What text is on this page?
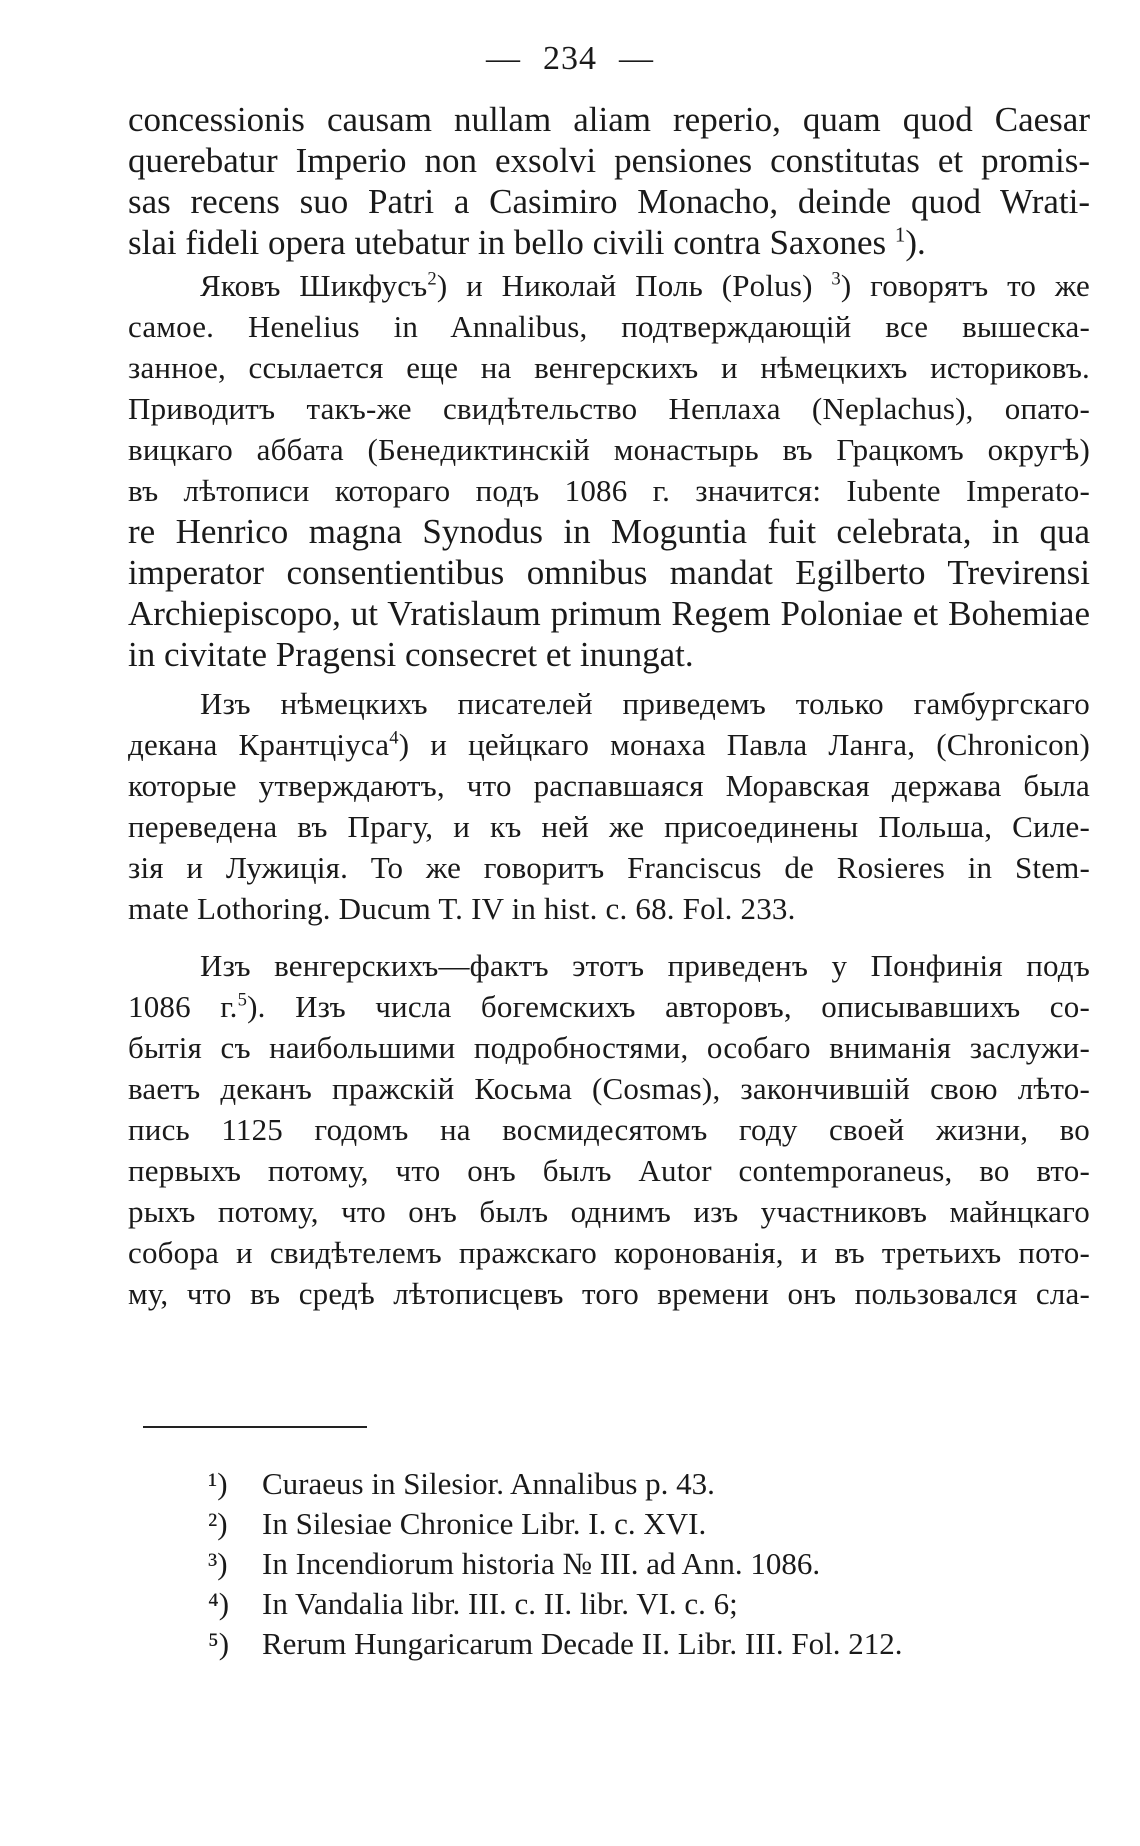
— 234 —
concessionis causam nullam aliam reperio, quam quod Caesar
querebatur Imperio non exsolvi pensiones constitutas et promis-
sas recens suo Patri a Casimiro Monacho, deinde quod Wrati-
slai fideli opera utebatur in bello civili contra Saxones $^1$).
Яковъ Шикфусъ$^2$) и Николай Поль (Polus) $^3$) говорятъ то же
самое. Henelius in Annalibus, подтверждающій все вышеска-
занное, ссылается еще на венгерскихъ и нѣмецкихъ историковъ.
Приводитъ такъ-же свидѣтельство Неплаха (Neplachus), опато-
вицкаго аббата (Бенедиктинскій монастырь въ Грацкомъ округѣ)
въ лѣтописи котораго подъ 1086 г. значится: Iubente Imperato-
re Henrico magna Synodus in Moguntia fuit celebrata, in qua
imperator consentientibus omnibus mandat Egilberto Trevirensi
Archiepiscopo, ut Vratislaum primum Regem Poloniae et Bohemiae
in civitate Pragensi consecret et inungat.
Изъ нѣмецкихъ писателей приведемъ только гамбургскаго
декана Крантціуса$^4$) и цейцкаго монаха Павла Ланга, (Chronicon)
которые утверждаютъ, что распавшаяся Моравская держава была
переведена въ Прагу, и къ ней же присоединены Польша, Силе-
зія и Лужиція. То же говоритъ Franciscus de Rosieres in Stem-
mate Lothoring. Ducum T. IV in hist. c. 68. Fol. 233.
Изъ венгерскихъ—фактъ этотъ приведенъ у Понфинія подъ
1086 г.$^5$). Изъ числа богемскихъ авторовъ, описывавшихъ со-
бытія съ наибольшими подробностями, особаго вниманія заслужи-
ваетъ деканъ пражскій Косьма (Cosmas), закончившій свою лѣто-
пись 1125 годомъ на восмидесятомъ году своей жизни, во
первыхъ потому, что онъ былъ Autor contemporaneus, во вто-
рыхъ потому, что онъ былъ однимъ изъ участниковъ майнцкаго
собора и свидѣтелемъ пражскаго коронованія, и въ третьихъ пото-
му, что въ средѣ лѣтописцевъ того времени онъ пользовался сла-
¹) Curaeus in Silesior. Annalibus p. 43.
²) In Silesiae Chronice Libr. I. c. XVI.
³) In Incendiorum historia № III. ad Ann. 1086.
⁴) In Vandalia libr. III. c. II. libr. VI. c. 6;
⁵) Rerum Hungaricarum Decade II. Libr. III. Fol. 212.
